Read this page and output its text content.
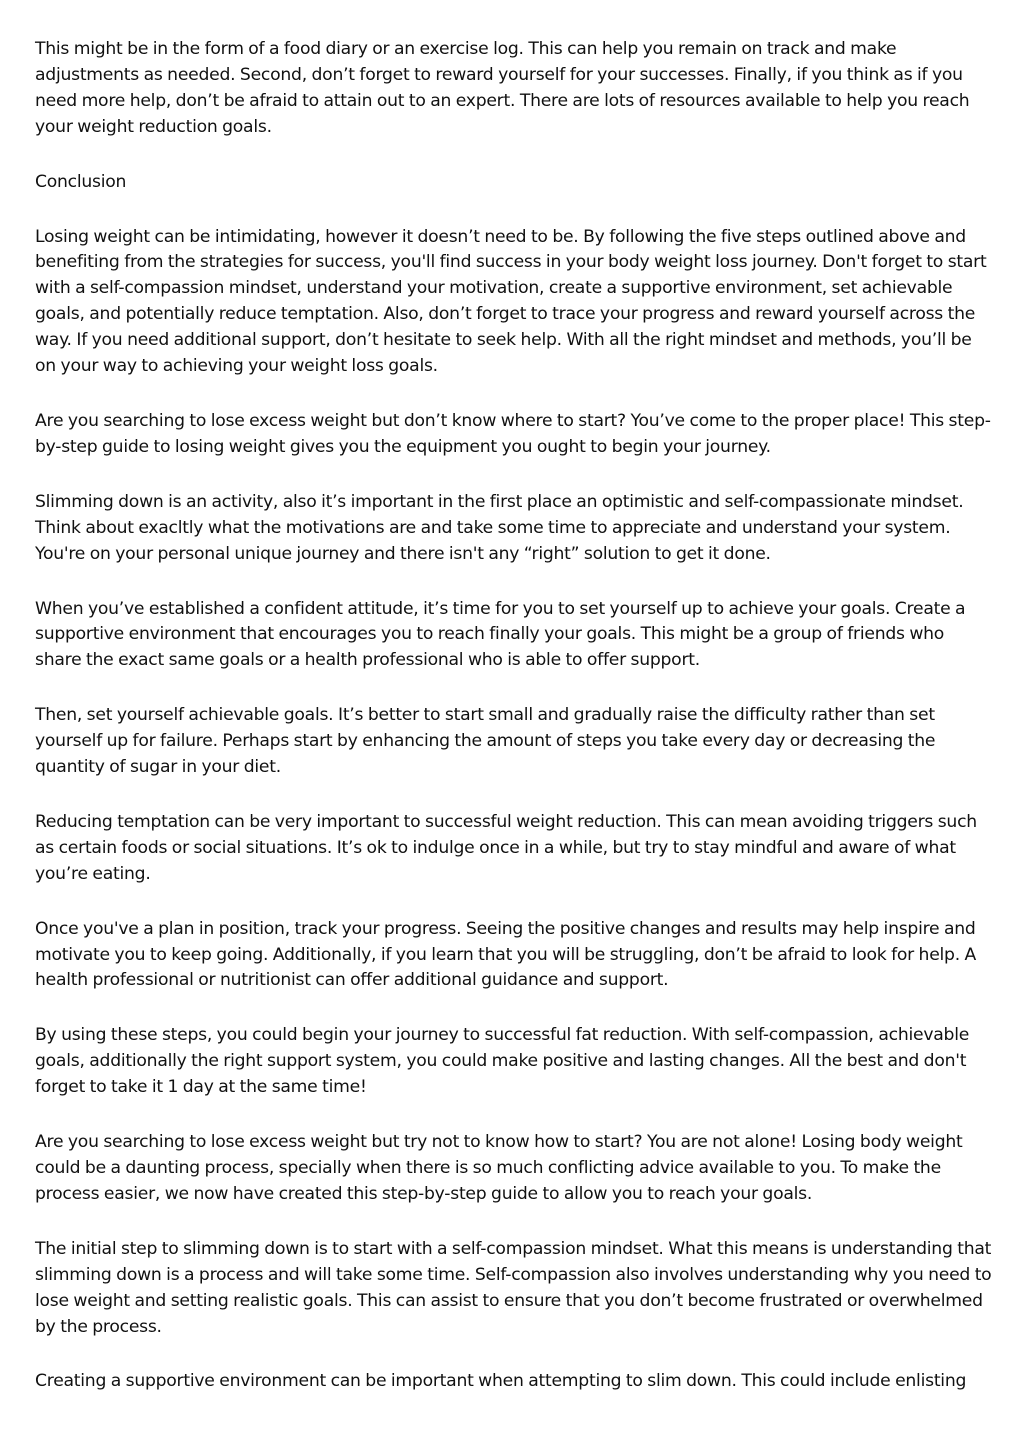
This might be in the form of a food diary or an exercise log. This can help you remain on track and make adjustments as needed. Second, don’t forget to reward yourself for your successes. Finally, if you think as if you need more help, don’t be afraid to attain out to an expert. There are lots of resources available to help you reach your weight reduction goals.

Conclusion

Losing weight can be intimidating, however it doesn’t need to be. By following the five steps outlined above and benefiting from the strategies for success, you'll find success in your body weight loss journey. Don't forget to start with a self-compassion mindset, understand your motivation, create a supportive environment, set achievable goals, and potentially reduce temptation. Also, don’t forget to trace your progress and reward yourself across the way. If you need additional support, don’t hesitate to seek help. With all the right mindset and methods, you’ll be on your way to achieving your weight loss goals.

Are you searching to lose excess weight but don’t know where to start? You’ve come to the proper place! This step-by-step guide to losing weight gives you the equipment you ought to begin your journey.

Slimming down is an activity, also it’s important in the first place an optimistic and self-compassionate mindset. Think about exacltly what the motivations are and take some time to appreciate and understand your system. You're on your personal unique journey and there isn't any “right” solution to get it done.

When you’ve established a confident attitude, it’s time for you to set yourself up to achieve your goals. Create a supportive environment that encourages you to reach finally your goals. This might be a group of friends who share the exact same goals or a health professional who is able to offer support.

Then, set yourself achievable goals. It’s better to start small and gradually raise the difficulty rather than set yourself up for failure. Perhaps start by enhancing the amount of steps you take every day or decreasing the quantity of sugar in your diet.

Reducing temptation can be very important to successful weight reduction. This can mean avoiding triggers such as certain foods or social situations. It’s ok to indulge once in a while, but try to stay mindful and aware of what you’re eating.

Once you've a plan in position, track your progress. Seeing the positive changes and results may help inspire and motivate you to keep going. Additionally, if you learn that you will be struggling, don’t be afraid to look for help. A health professional or nutritionist can offer additional guidance and support.

By using these steps, you could begin your journey to successful fat reduction. With self-compassion, achievable goals, additionally the right support system, you could make positive and lasting changes. All the best and don't forget to take it 1 day at the same time!

Are you searching to lose excess weight but try not to know how to start? You are not alone! Losing body weight could be a daunting process, specially when there is so much conflicting advice available to you. To make the process easier, we now have created this step-by-step guide to allow you to reach your goals.

The initial step to slimming down is to start with a self-compassion mindset. What this means is understanding that slimming down is a process and will take some time. Self-compassion also involves understanding why you need to lose weight and setting realistic goals. This can assist to ensure that you don’t become frustrated or overwhelmed by the process.

Creating a supportive environment can be important when attempting to slim down. This could include enlisting
